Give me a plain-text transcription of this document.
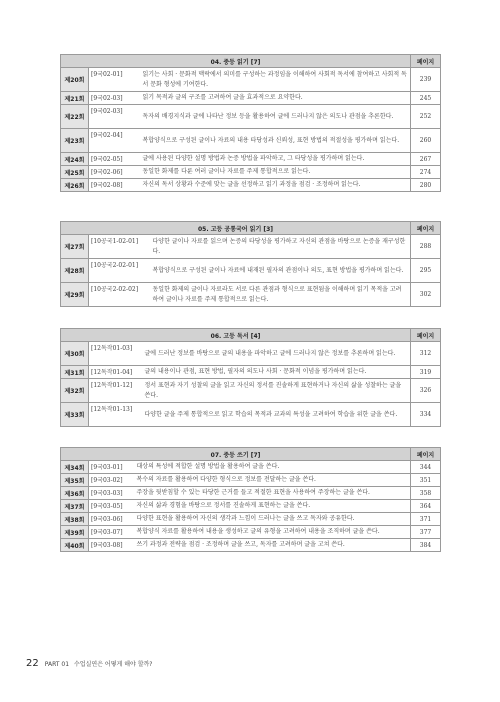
04. 중등 읽기 [7]			페이지
제20회	[9국02-01]	읽기는 사회 · 문화적 맥락에서 의미를 구성하는 과정임을 이해하여 사회적 독서에 참여하고 사회적 독서 문화 형성에 기여한다.	239
제21회	[9국02-03]	읽기 목적과 글의 구조를 고려하여 글을 효과적으로 요약한다.	245
제22회	[9국02-03]	독자의 배경지식과 글에 나타난 정보 등을 활용하여 글에 드러나지 않은 의도나 관점을 추론한다.	252
제23회	[9국02-04]	복합양식으로 구성된 글이나 자료의 내용 타당성과 신뢰성, 표현 방법의 적절성을 평가하며 읽는다.	260
제24회	[9국02-05]	글에 사용된 다양한 설명 방법과 논증 방법을 파악하고, 그 타당성을 평가하며 읽는다.	267
제25회	[9국02-06]	동일한 화제를 다룬 여러 글이나 자료를 주제 통합적으로 읽는다.	274
제26회	[9국02-08]	자신의 독서 상황과 수준에 맞는 글을 선정하고 읽기 과정을 점검 · 조정하며 읽는다.	280
05. 고등 공통국어 읽기 [3]			페이지
제27회	[10공국1-02-01]	다양한 글이나 자료를 읽으며 논증의 타당성을 평가하고 자신의 관점을 바탕으로 논증을 재구성한다.	288
제28회	[10공국2-02-01]	복합양식으로 구성된 글이나 자료에 내재된 필자의 관점이나 의도, 표현 방법을 평가하며 읽는다.	295
제29회	[10공국2-02-02]	동일한 화제의 글이나 자료라도 서로 다른 관점과 형식으로 표현됨을 이해하며 읽기 목적을 고려하여 글이나 자료를 주제 통합적으로 읽는다.	302
06. 고등 독서 [4]			페이지
제30회	[12독작01-03]	글에 드러난 정보를 바탕으로 글의 내용을 파악하고 글에 드러나지 않은 정보를 추론하며 읽는다.	312
제31회	[12독작01-04]	글의 내용이나 관점, 표현 방법, 필자의 의도나 사회 · 문화적 이념을 평가하며 읽는다.	319
제32회	[12독작01-12]	정서 표현과 자기 성찰의 글을 읽고 자신의 정서를 진솔하게 표현하거나 자신의 삶을 성찰하는 글을 쓴다.	326
제33회	[12독작01-13]	다양한 글을 주제 통합적으로 읽고 학습의 목적과 교과의 특성을 고려하여 학습을 위한 글을 쓴다.	334
07. 중등 쓰기 [7]			페이지
제34회	[9국03-01]	대상의 특성에 적합한 설명 방법을 활용하여 글을 쓴다.	344
제35회	[9국03-02]	복수의 자료를 활용하여 다양한 형식으로 정보를 전달하는 글을 쓴다.	351
제36회	[9국03-03]	주장을 뒷받침할 수 있는 타당한 근거를 들고 적절한 표현을 사용하여 주장하는 글을 쓴다.	358
제37회	[9국03-05]	자신의 삶과 경험을 바탕으로 정서를 진솔하게 표현하는 글을 쓴다.	364
제38회	[9국03-06]	다양한 표현을 활용하여 자신의 생각과 느낌이 드러나는 글을 쓰고 독자와 공유한다.	371
제39회	[9국03-07]	복합양식 자료를 활용하여 내용을 생성하고 글의 유형을 고려하여 내용을 조직하며 글을 쓴다.	377
제40회	[9국03-08]	쓰기 과정과 전략을 점검 · 조정하며 글을 쓰고, 독자를 고려하며 글을 고쳐 쓴다.	384
22 PART 01 수업실연은 어떻게 해야 할까?
